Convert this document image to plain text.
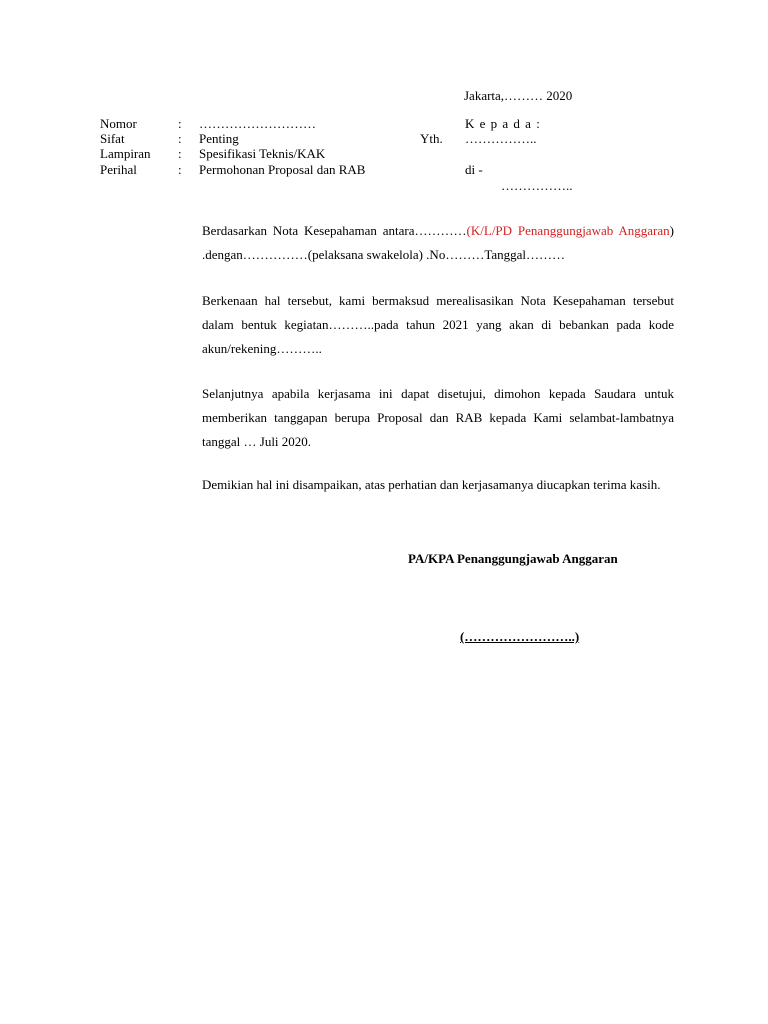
Jakarta,……… 2020
Nomor	: ………………………
Sifat	: Penting
Lampiran : Spesifikasi Teknis/KAK
Perihal	: Permohonan Proposal dan RAB
K e p a d a :
Yth. ……………..
di -
……………..

Berdasarkan Nota Kesepahaman antara…………(K/L/PD Penanggungjawab Anggaran) .dengan……………(pelaksana swakelola) .No………Tanggal………

Berkenaan hal tersebut, kami bermaksud merealisasikan Nota Kesepahaman tersebut dalam bentuk kegiatan………..pada tahun 2021 yang akan di bebankan pada kode akun/rekening………..

Selanjutnya apabila kerjasama ini dapat disetujui, dimohon kepada Saudara untuk memberikan tanggapan berupa Proposal dan RAB kepada Kami selambat-lambatnya tanggal … Juli 2020.

Demikian hal ini disampaikan, atas perhatian dan kerjasamanya diucapkan terima kasih.

PA/KPA Penanggungjawab Anggaran
(……………………..)
